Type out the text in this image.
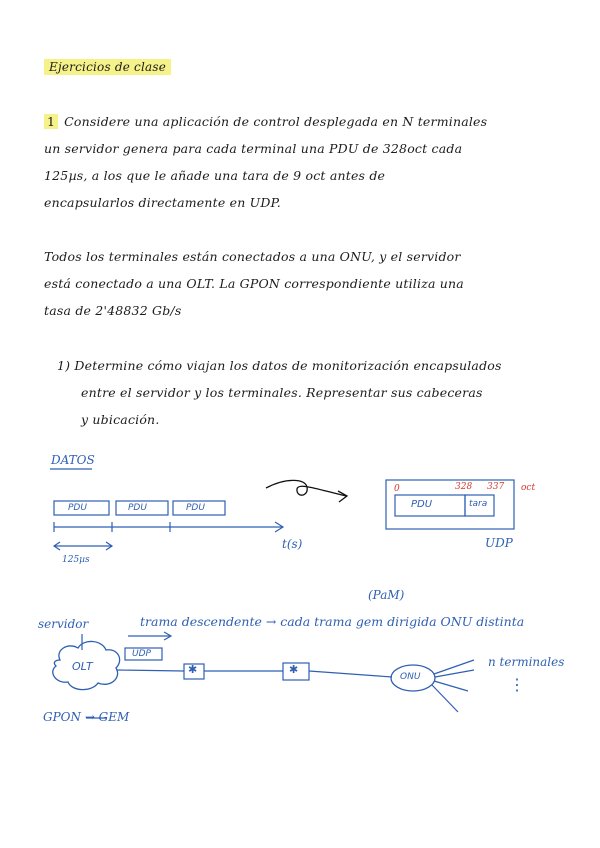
Ejercicios de clase

1 Considere una aplicación de control desplegada en N terminales
un servidor genera para cada terminal una PDU de 328oct cada
125µs, a los que le añade una tara de 9 oct antes de
encapsularlos directamente en UDP.

Todos los terminales están conectados a una ONU, y el servidor
está conectado a una OLT. La GPON correspondiente utiliza una
tasa de 2'48832 Gb/s

1) Determine cómo viajan los datos de monitorización encapsulados
entre el servidor y los terminales. Representar sus cabeceras
y ubicación.

DATOS
PDU	PDU	PDU
t(s)
125µs
0	328 337 oct
PDU	tara
UDP
(PaM)
servidor	trama descendente → cada trama gem dirigida ONU distinta
UDP
OLT	✱	✱
ONU
n terminales
⋮
GPON → GEM
